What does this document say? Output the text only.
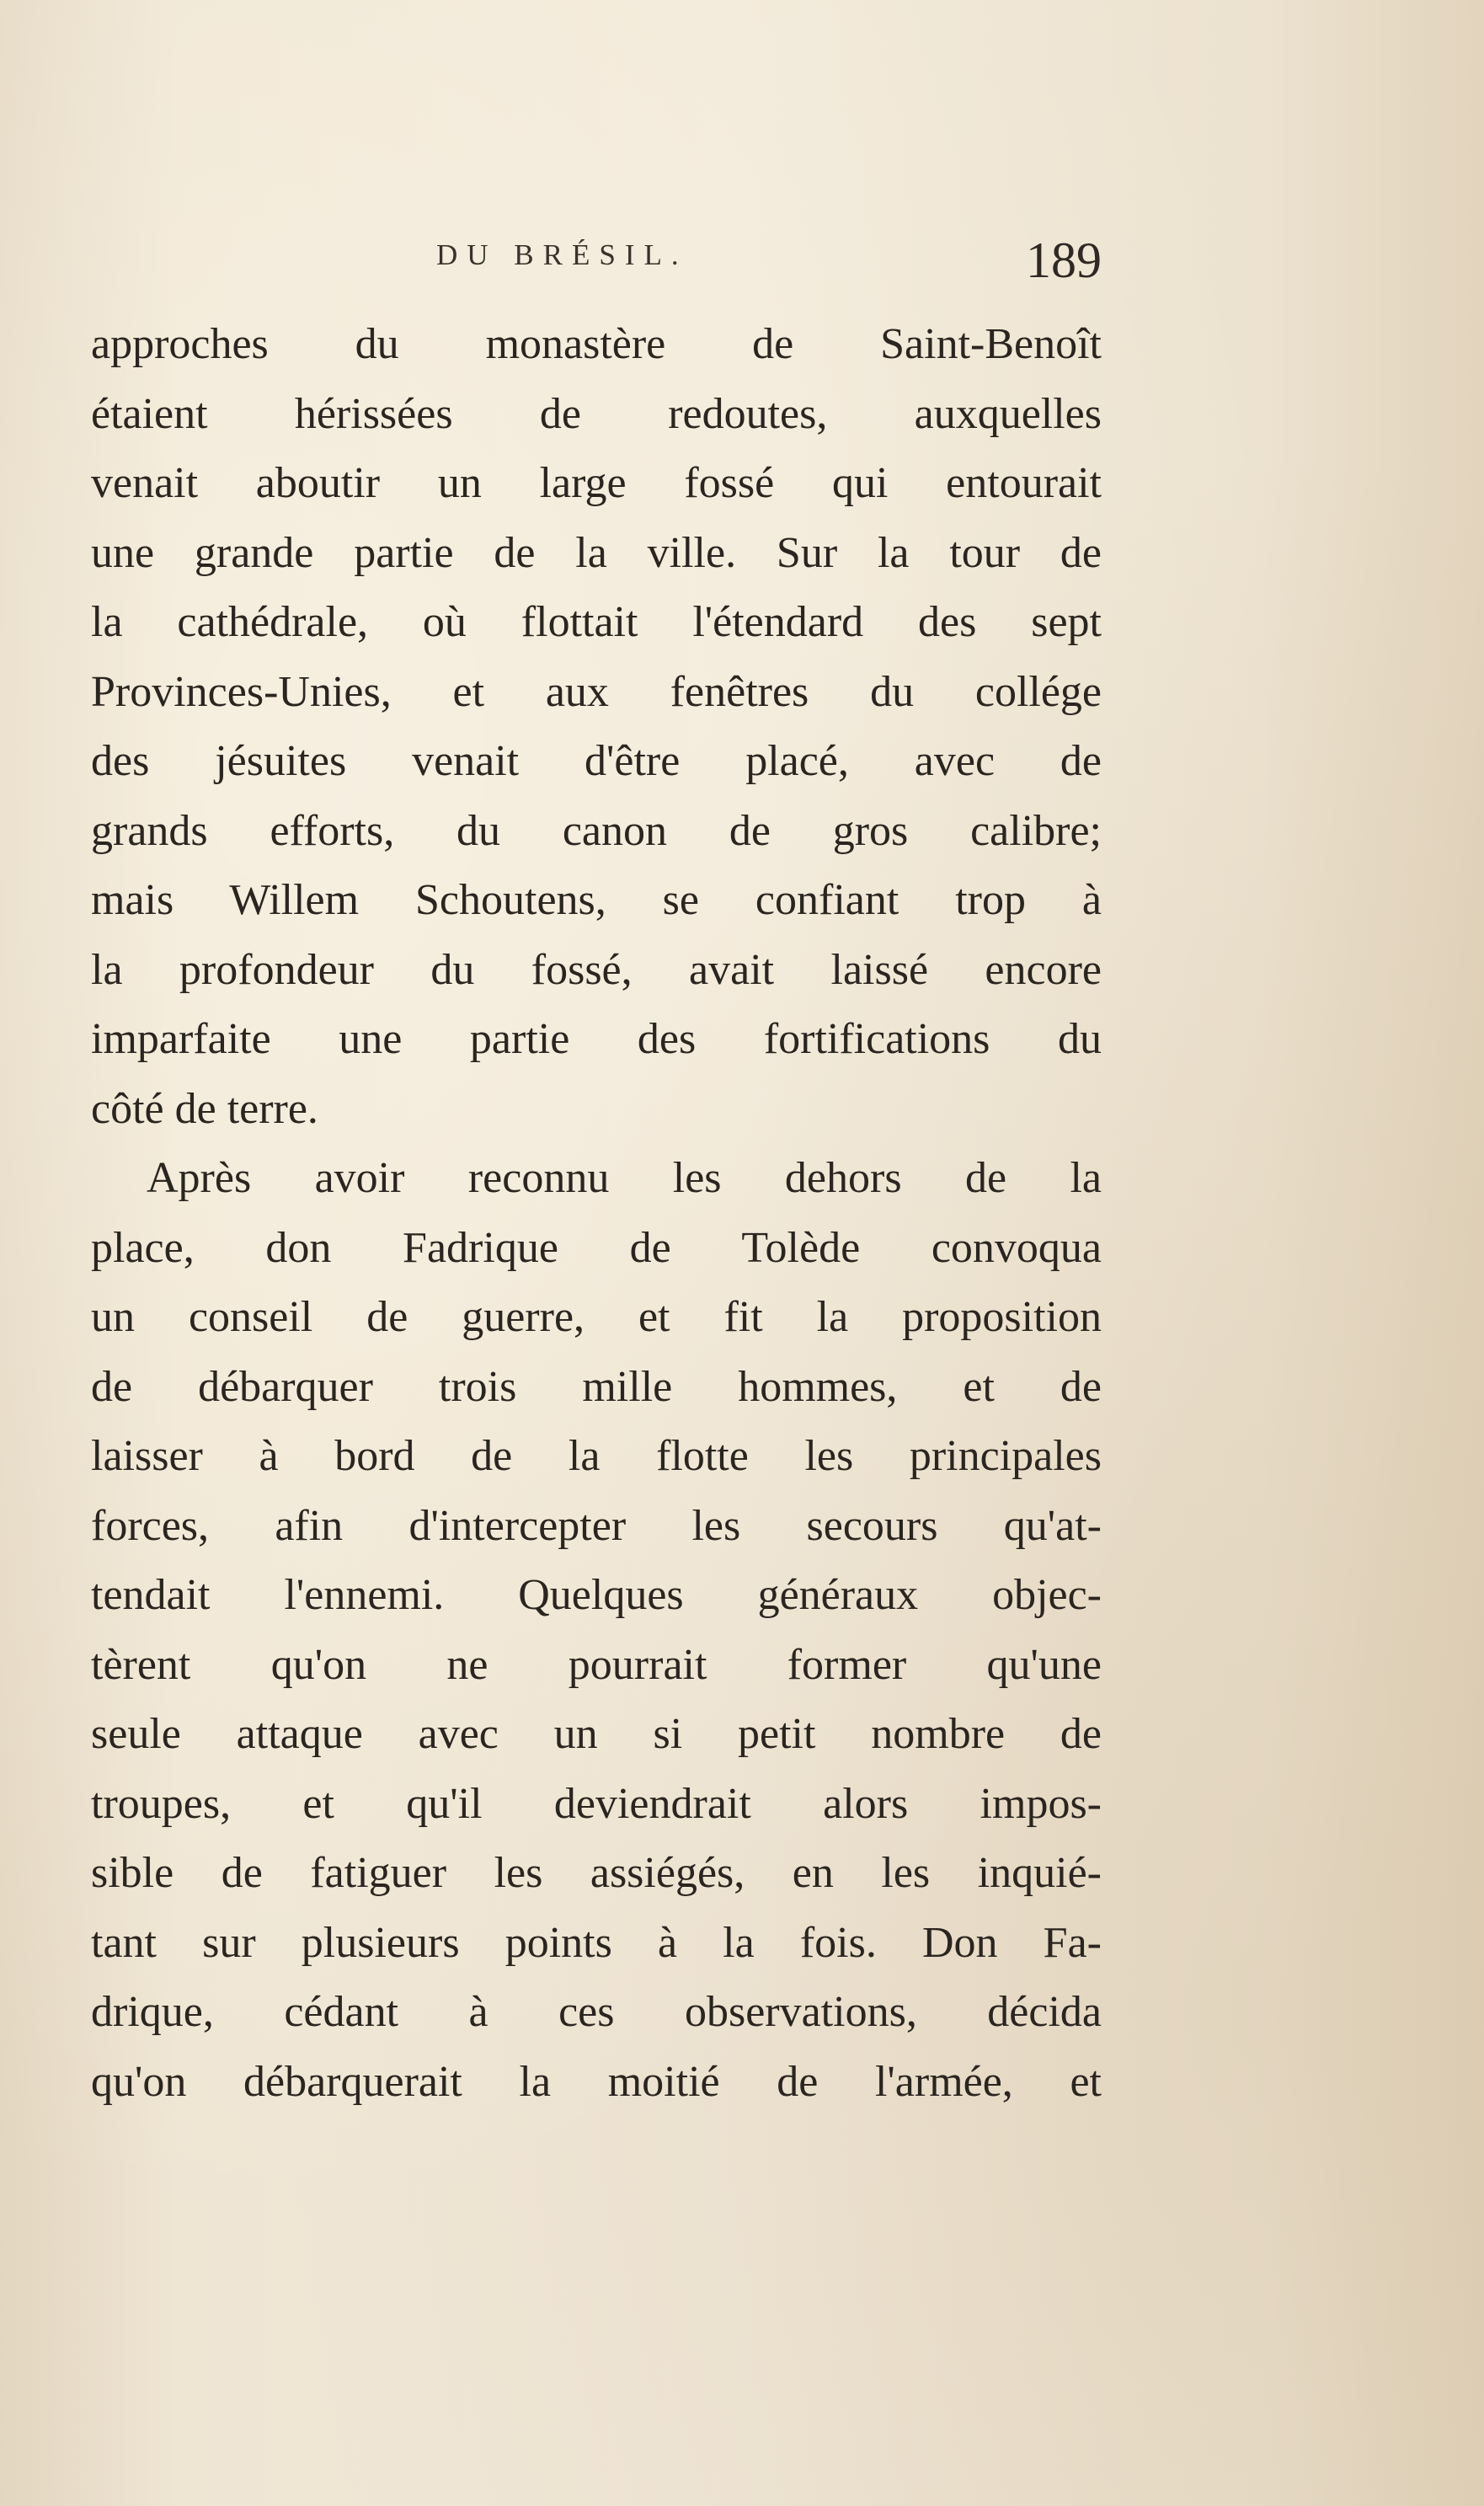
DU BRÉSIL.	189
approches du monastère de Saint-Benoît
étaient hérissées de redoutes, auxquelles
venait aboutir un large fossé qui entourait
une grande partie de la ville. Sur la tour de
la cathédrale, où flottait l'étendard des sept
Provinces-Unies, et aux fenêtres du collége
des jésuites venait d'être placé, avec de
grands efforts, du canon de gros calibre;
mais Willem Schoutens, se confiant trop à
la profondeur du fossé, avait laissé encore
imparfaite une partie des fortifications du
côté de terre.
Après avoir reconnu les dehors de la
place, don Fadrique de Tolède convoqua
un conseil de guerre, et fit la proposition
de débarquer trois mille hommes, et de
laisser à bord de la flotte les principales
forces, afin d'intercepter les secours qu'at-
tendait l'ennemi. Quelques généraux objec-
tèrent qu'on ne pourrait former qu'une
seule attaque avec un si petit nombre de
troupes, et qu'il deviendrait alors impos-
sible de fatiguer les assiégés, en les inquié-
tant sur plusieurs points à la fois. Don Fa-
drique, cédant à ces observations, décida
qu'on débarquerait la moitié de l'armée, et
